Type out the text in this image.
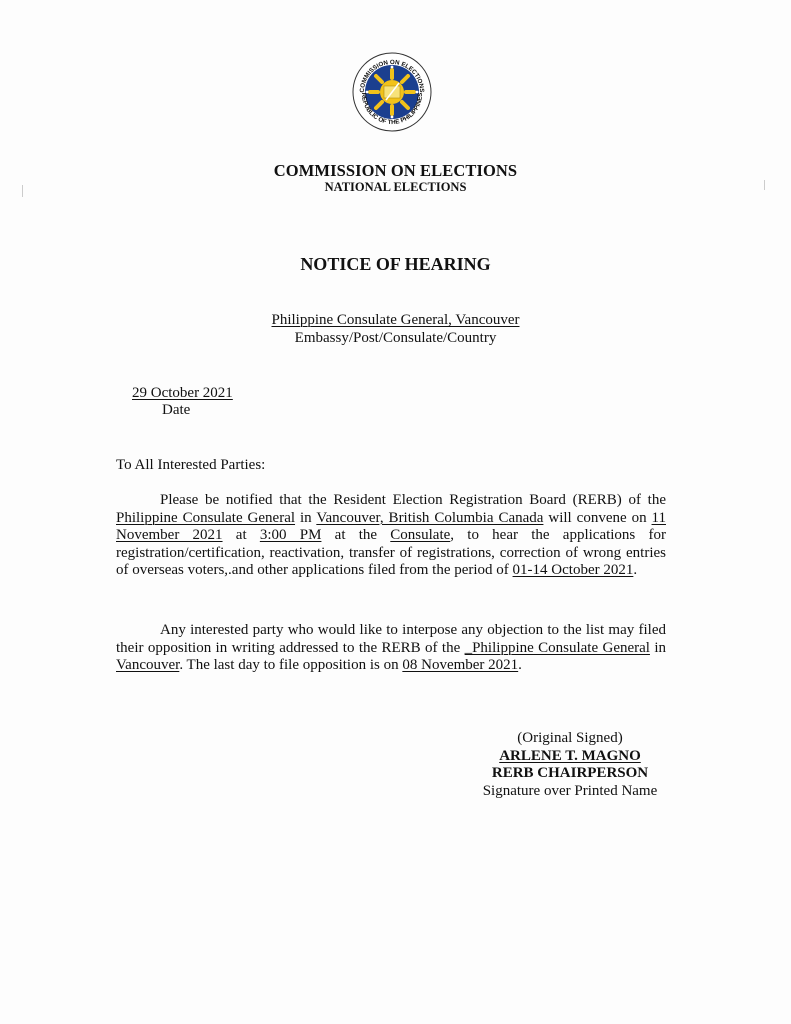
COMMISSION ON ELECTIONS
REPUBLIC OF THE PHILIPPINES
COMMISSION ON ELECTIONS
NATIONAL ELECTIONS
NOTICE OF HEARING
Philippine Consulate General, Vancouver
Embassy/Post/Consulate/Country
29 October 2021
Date
To All Interested Parties:
Please be notified that the Resident Election Registration Board (RERB) of the Philippine Consulate General in Vancouver, British Columbia Canada will convene on 11 November 2021 at 3:00 PM at the Consulate, to hear the applications for registration/certification, reactivation, transfer of registrations, correction of wrong entries of overseas voters,.and other applications filed from the period of 01-14 October 2021.
Any interested party who would like to interpose any objection to the list may filed their opposition in writing addressed to the RERB of the _Philippine Consulate General in Vancouver. The last day to file opposition is on 08 November 2021.
(Original Signed)
ARLENE T. MAGNO
RERB CHAIRPERSON
Signature over Printed Name
